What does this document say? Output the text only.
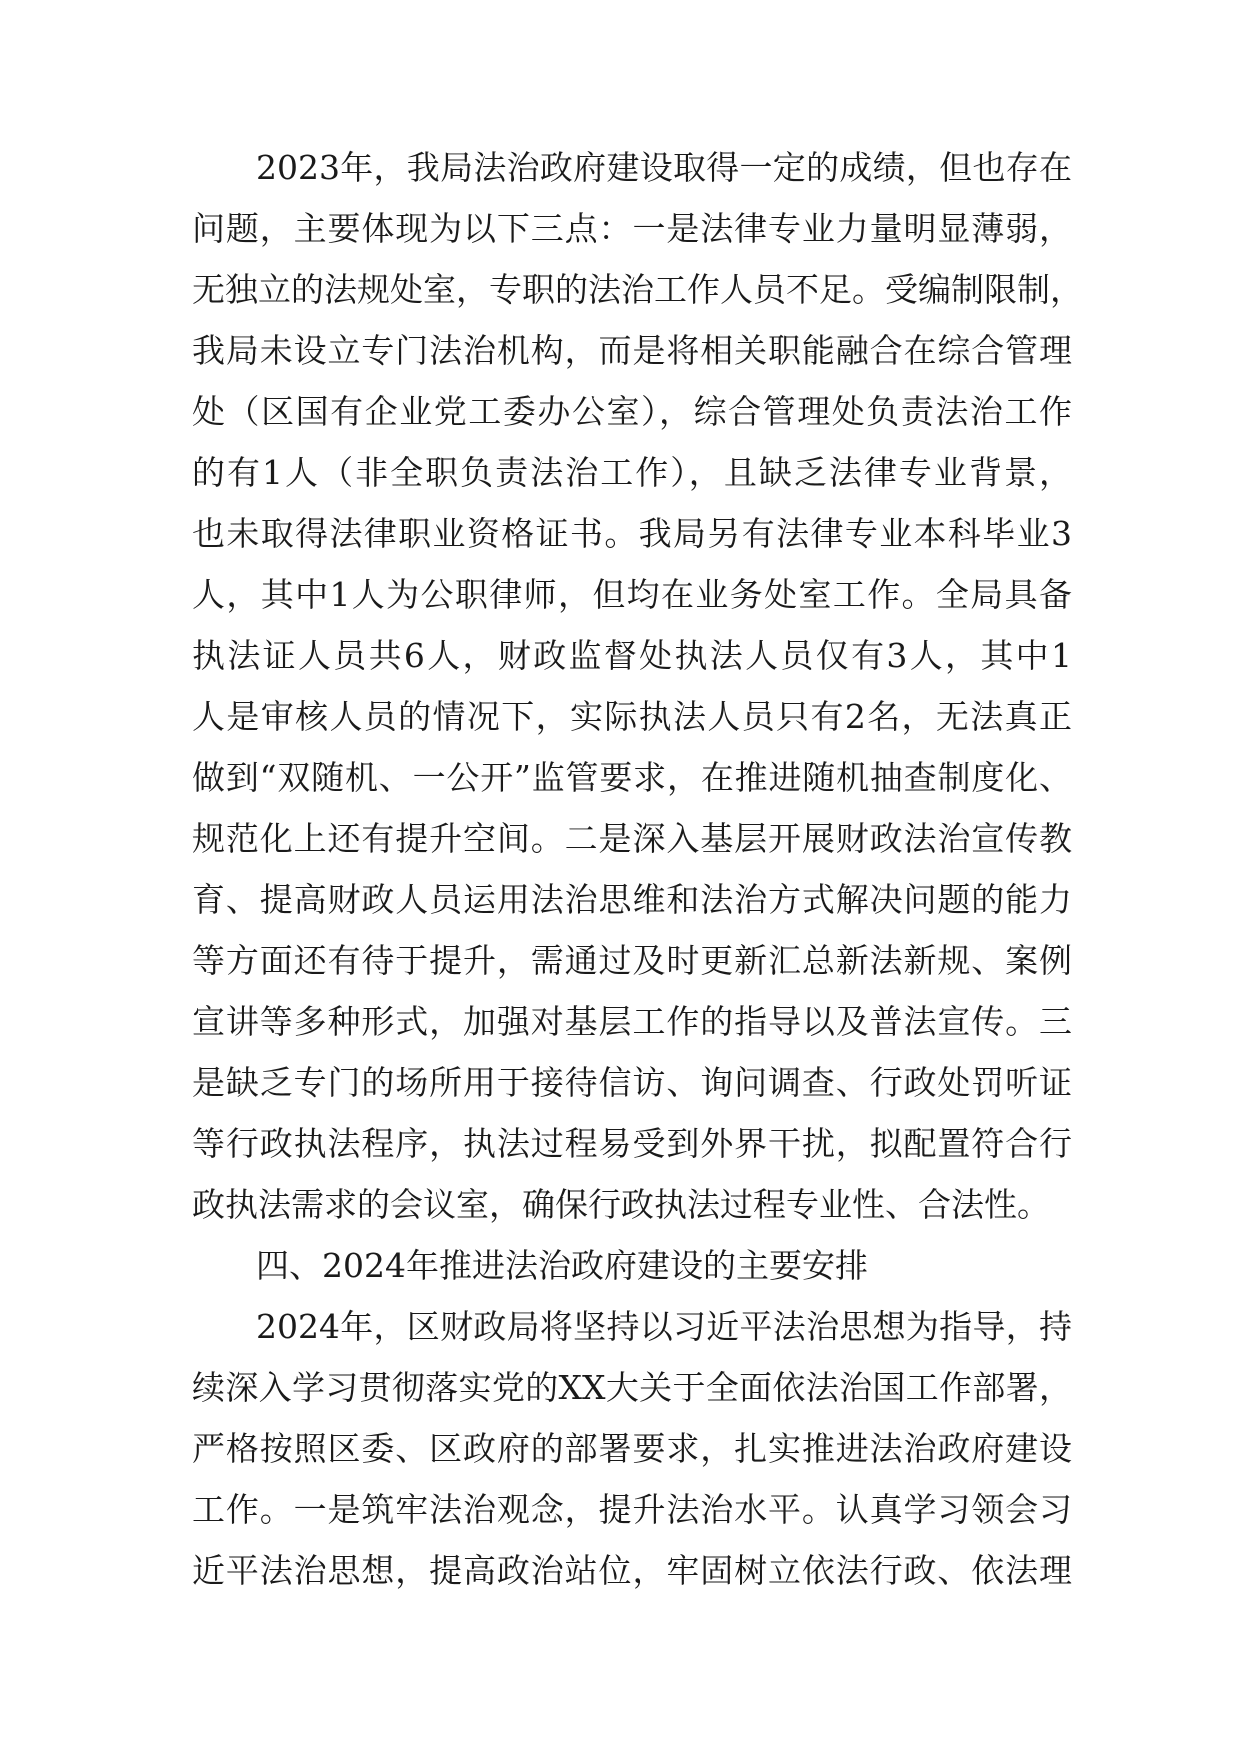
2023年，我局法治政府建设取得一定的成绩，但也存在
问题，主要体现为以下三点：一是法律专业力量明显薄弱，
无独立的法规处室，专职的法治工作人员不足。受编制限制，
我局未设立专门法治机构，而是将相关职能融合在综合管理
处（区国有企业党工委办公室），综合管理处负责法治工作
的有1人（非全职负责法治工作），且缺乏法律专业背景，
也未取得法律职业资格证书。我局另有法律专业本科毕业3
人，其中1人为公职律师，但均在业务处室工作。全局具备
执法证人员共6人，财政监督处执法人员仅有3人，其中1
人是审核人员的情况下，实际执法人员只有2名，无法真正
做到“双随机、一公开”监管要求，在推进随机抽查制度化、
规范化上还有提升空间。二是深入基层开展财政法治宣传教
育、提高财政人员运用法治思维和法治方式解决问题的能力
等方面还有待于提升，需通过及时更新汇总新法新规、案例
宣讲等多种形式，加强对基层工作的指导以及普法宣传。三
是缺乏专门的场所用于接待信访、询问调查、行政处罚听证
等行政执法程序，执法过程易受到外界干扰，拟配置符合行
政执法需求的会议室，确保行政执法过程专业性、合法性。
四、2024年推进法治政府建设的主要安排
2024年，区财政局将坚持以习近平法治思想为指导，持
续深入学习贯彻落实党的XX大关于全面依法治国工作部署，
严格按照区委、区政府的部署要求，扎实推进法治政府建设
工作。一是筑牢法治观念，提升法治水平。认真学习领会习
近平法治思想，提高政治站位，牢固树立依法行政、依法理
